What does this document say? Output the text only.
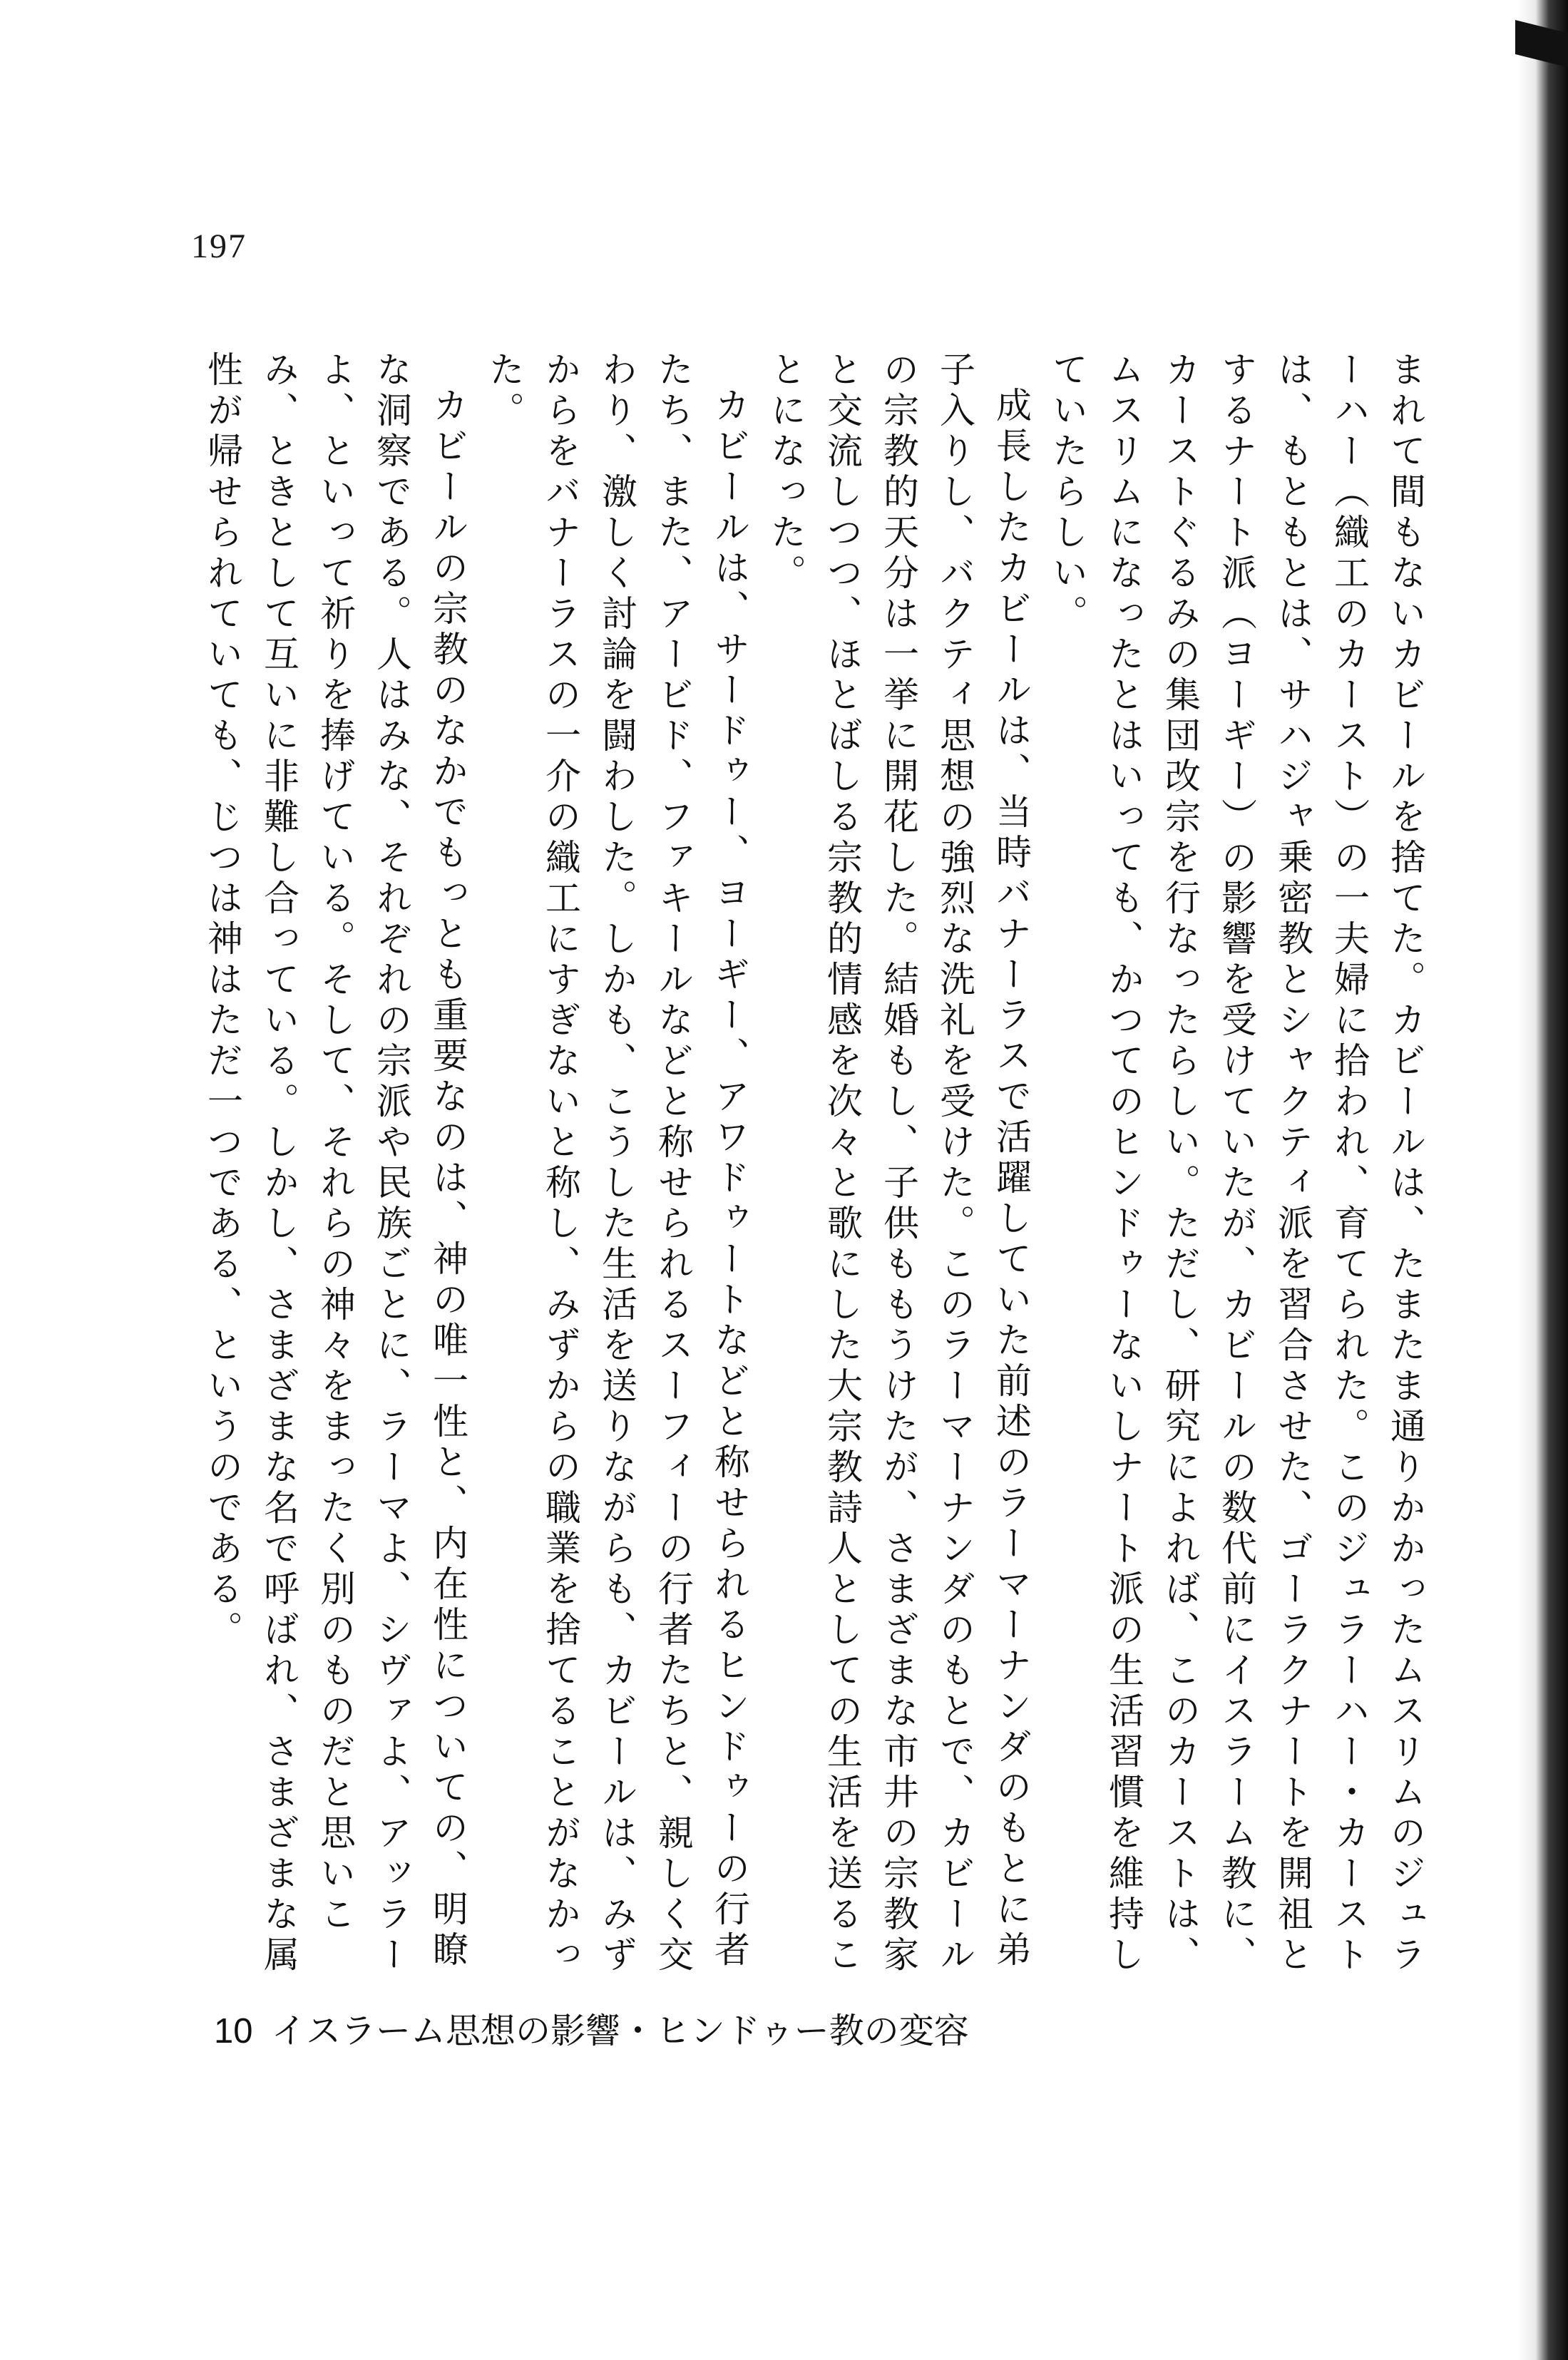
197

まれて間もないカビールを捨てた。カビールは、たまたま通りかかったムスリムのジュラーハー（織工のカースト）の一夫婦に拾われ、育てられた。このジュラーハー・カーストは、もともとは、サハジャ乗密教とシャクティ派を習合させた、ゴーラクナートを開祖とするナート派（ヨーギー）の影響を受けていたが、カビールの数代前にイスラーム教に、カーストぐるみの集団改宗を行なったらしい。ただし、研究によれば、このカーストは、ムスリムになったとはいっても、かつてのヒンドゥーないしナート派の生活習慣を維持していたらしい。

成長したカビールは、当時バナーラスで活躍していた前述のラーマーナンダのもとに弟子入りし、バクティ思想の強烈な洗礼を受けた。このラーマーナンダのもとで、カビールの宗教的天分は一挙に開花した。結婚もし、子供ももうけたが、さまざまな市井の宗教家と交流しつつ、ほとばしる宗教的情感を次々と歌にした大宗教詩人としての生活を送ることになった。

カビールは、サードゥー、ヨーギー、アワドゥートなどと称せられるヒンドゥーの行者たち、また、アービド、ファキールなどと称せられるスーフィーの行者たちと、親しく交わり、激しく討論を闘わした。しかも、こうした生活を送りながらも、カビールは、みずからをバナーラスの一介の織工にすぎないと称し、みずからの職業を捨てることがなかった。

カビールの宗教のなかでもっとも重要なのは、神の唯一性と、内在性についての、明瞭な洞察である。人はみな、それぞれの宗派や民族ごとに、ラーマよ、シヴァよ、アッラーよ、といって祈りを捧げている。そして、それらの神々をまったく別のものだと思いこみ、ときとして互いに非難し合っている。しかし、さまざまな名で呼ばれ、さまざまな属性が帰せられていても、じつは神はただ一つである、というのである。

10 イスラーム思想の影響・ヒンドゥー教の変容
